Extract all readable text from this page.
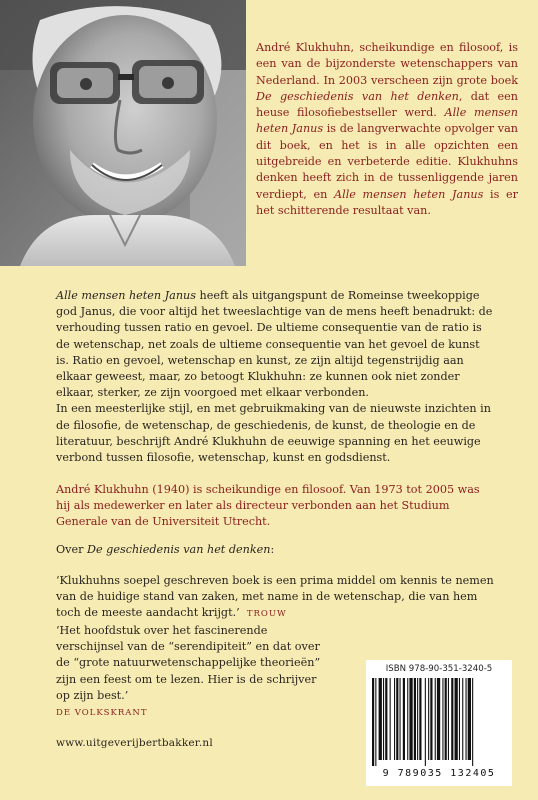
André Klukhuhn, scheikundige en filosoof, is een van de bijzonderste wetenschappers van Nederland. In 2003 verscheen zijn grote boek De geschiedenis van het denken, dat een heuse filosofiebestseller werd. Alle mensen heten Janus is de langverwachte opvolger van dit boek, en het is in alle opzichten een uitgebreide en verbeterde editie. Klukhuhns denken heeft zich in de tussenliggende jaren verdiept, en Alle mensen heten Janus is er het schitterende resultaat van.

Alle mensen heten Janus heeft als uitgangspunt de Romeinse tweekoppige god Janus, die voor altijd het tweeslachtige van de mens heeft benadrukt: de verhouding tussen ratio en gevoel. De ultieme consequentie van de ratio is de wetenschap, net zoals de ultieme consequentie van het gevoel de kunst is. Ratio en gevoel, wetenschap en kunst, ze zijn altijd tegenstrijdig aan elkaar geweest, maar, zo betoogt Klukhuhn: ze kunnen ook niet zonder elkaar, sterker, ze zijn voorgoed met elkaar verbonden.

In een meesterlijke stijl, en met gebruikmaking van de nieuwste inzichten in de filosofie, de wetenschap, de geschiedenis, de kunst, de theologie en de literatuur, beschrijft André Klukhuhn de eeuwige spanning en het eeuwige verbond tussen filosofie, wetenschap, kunst en godsdienst.

André Klukhuhn (1940) is scheikundige en filosoof. Van 1973 tot 2005 was hij als medewerker en later als directeur verbonden aan het Studium Generale van de Universiteit Utrecht.

Over De geschiedenis van het denken:

‘Klukhuhns soepel geschreven boek is een prima middel om kennis te nemen van de huidige stand van zaken, met name in de wetenschap, die van hem toch de meeste aandacht krijgt.’ TROUW

‘Het hoofdstuk over het fascinerende verschijnsel van de “serendipiteit” en dat over de “grote natuurwetenschappelijke theorieën” zijn een feest om te lezen. Hier is de schrijver op zijn best.’
DE VOLKSKRANT

www.uitgeverijbertbakker.nl
ISBN 978-90-351-3240-5
9 789035 132405
